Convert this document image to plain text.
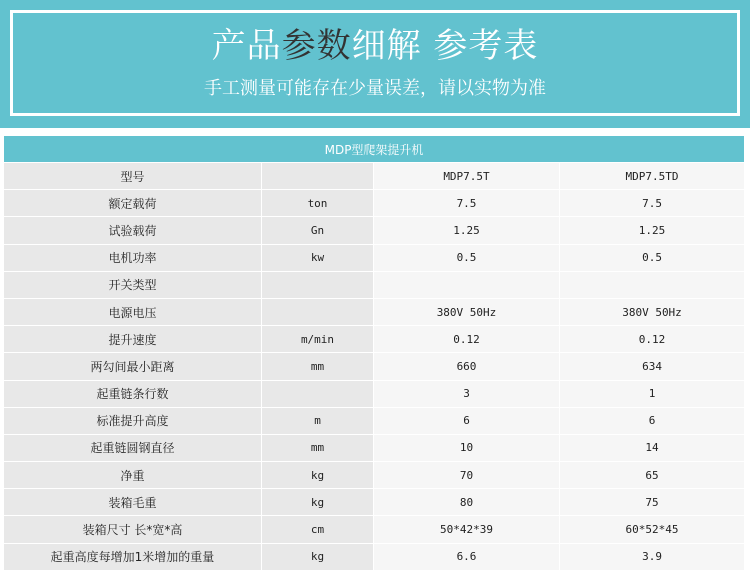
产品参数细解 参考表
手工测量可能存在少量误差，请以实物为准
MDP型爬架提升机			
型号		MDP7.5T	MDP7.5TD
额定载荷	ton	7.5	7.5
试验载荷	Gn	1.25	1.25
电机功率	kw	0.5	0.5
开关类型			
电源电压		380V 50Hz	380V 50Hz
提升速度	m/min	0.12	0.12
两勾间最小距离	mm	660	634
起重链条行数		3	1
标准提升高度	m	6	6
起重链圆钢直径	mm	10	14
净重	kg	70	65
装箱毛重	kg	80	75
装箱尺寸 长*宽*高	cm	50*42*39	60*52*45
起重高度每增加1米增加的重量	kg	6.6	3.9
